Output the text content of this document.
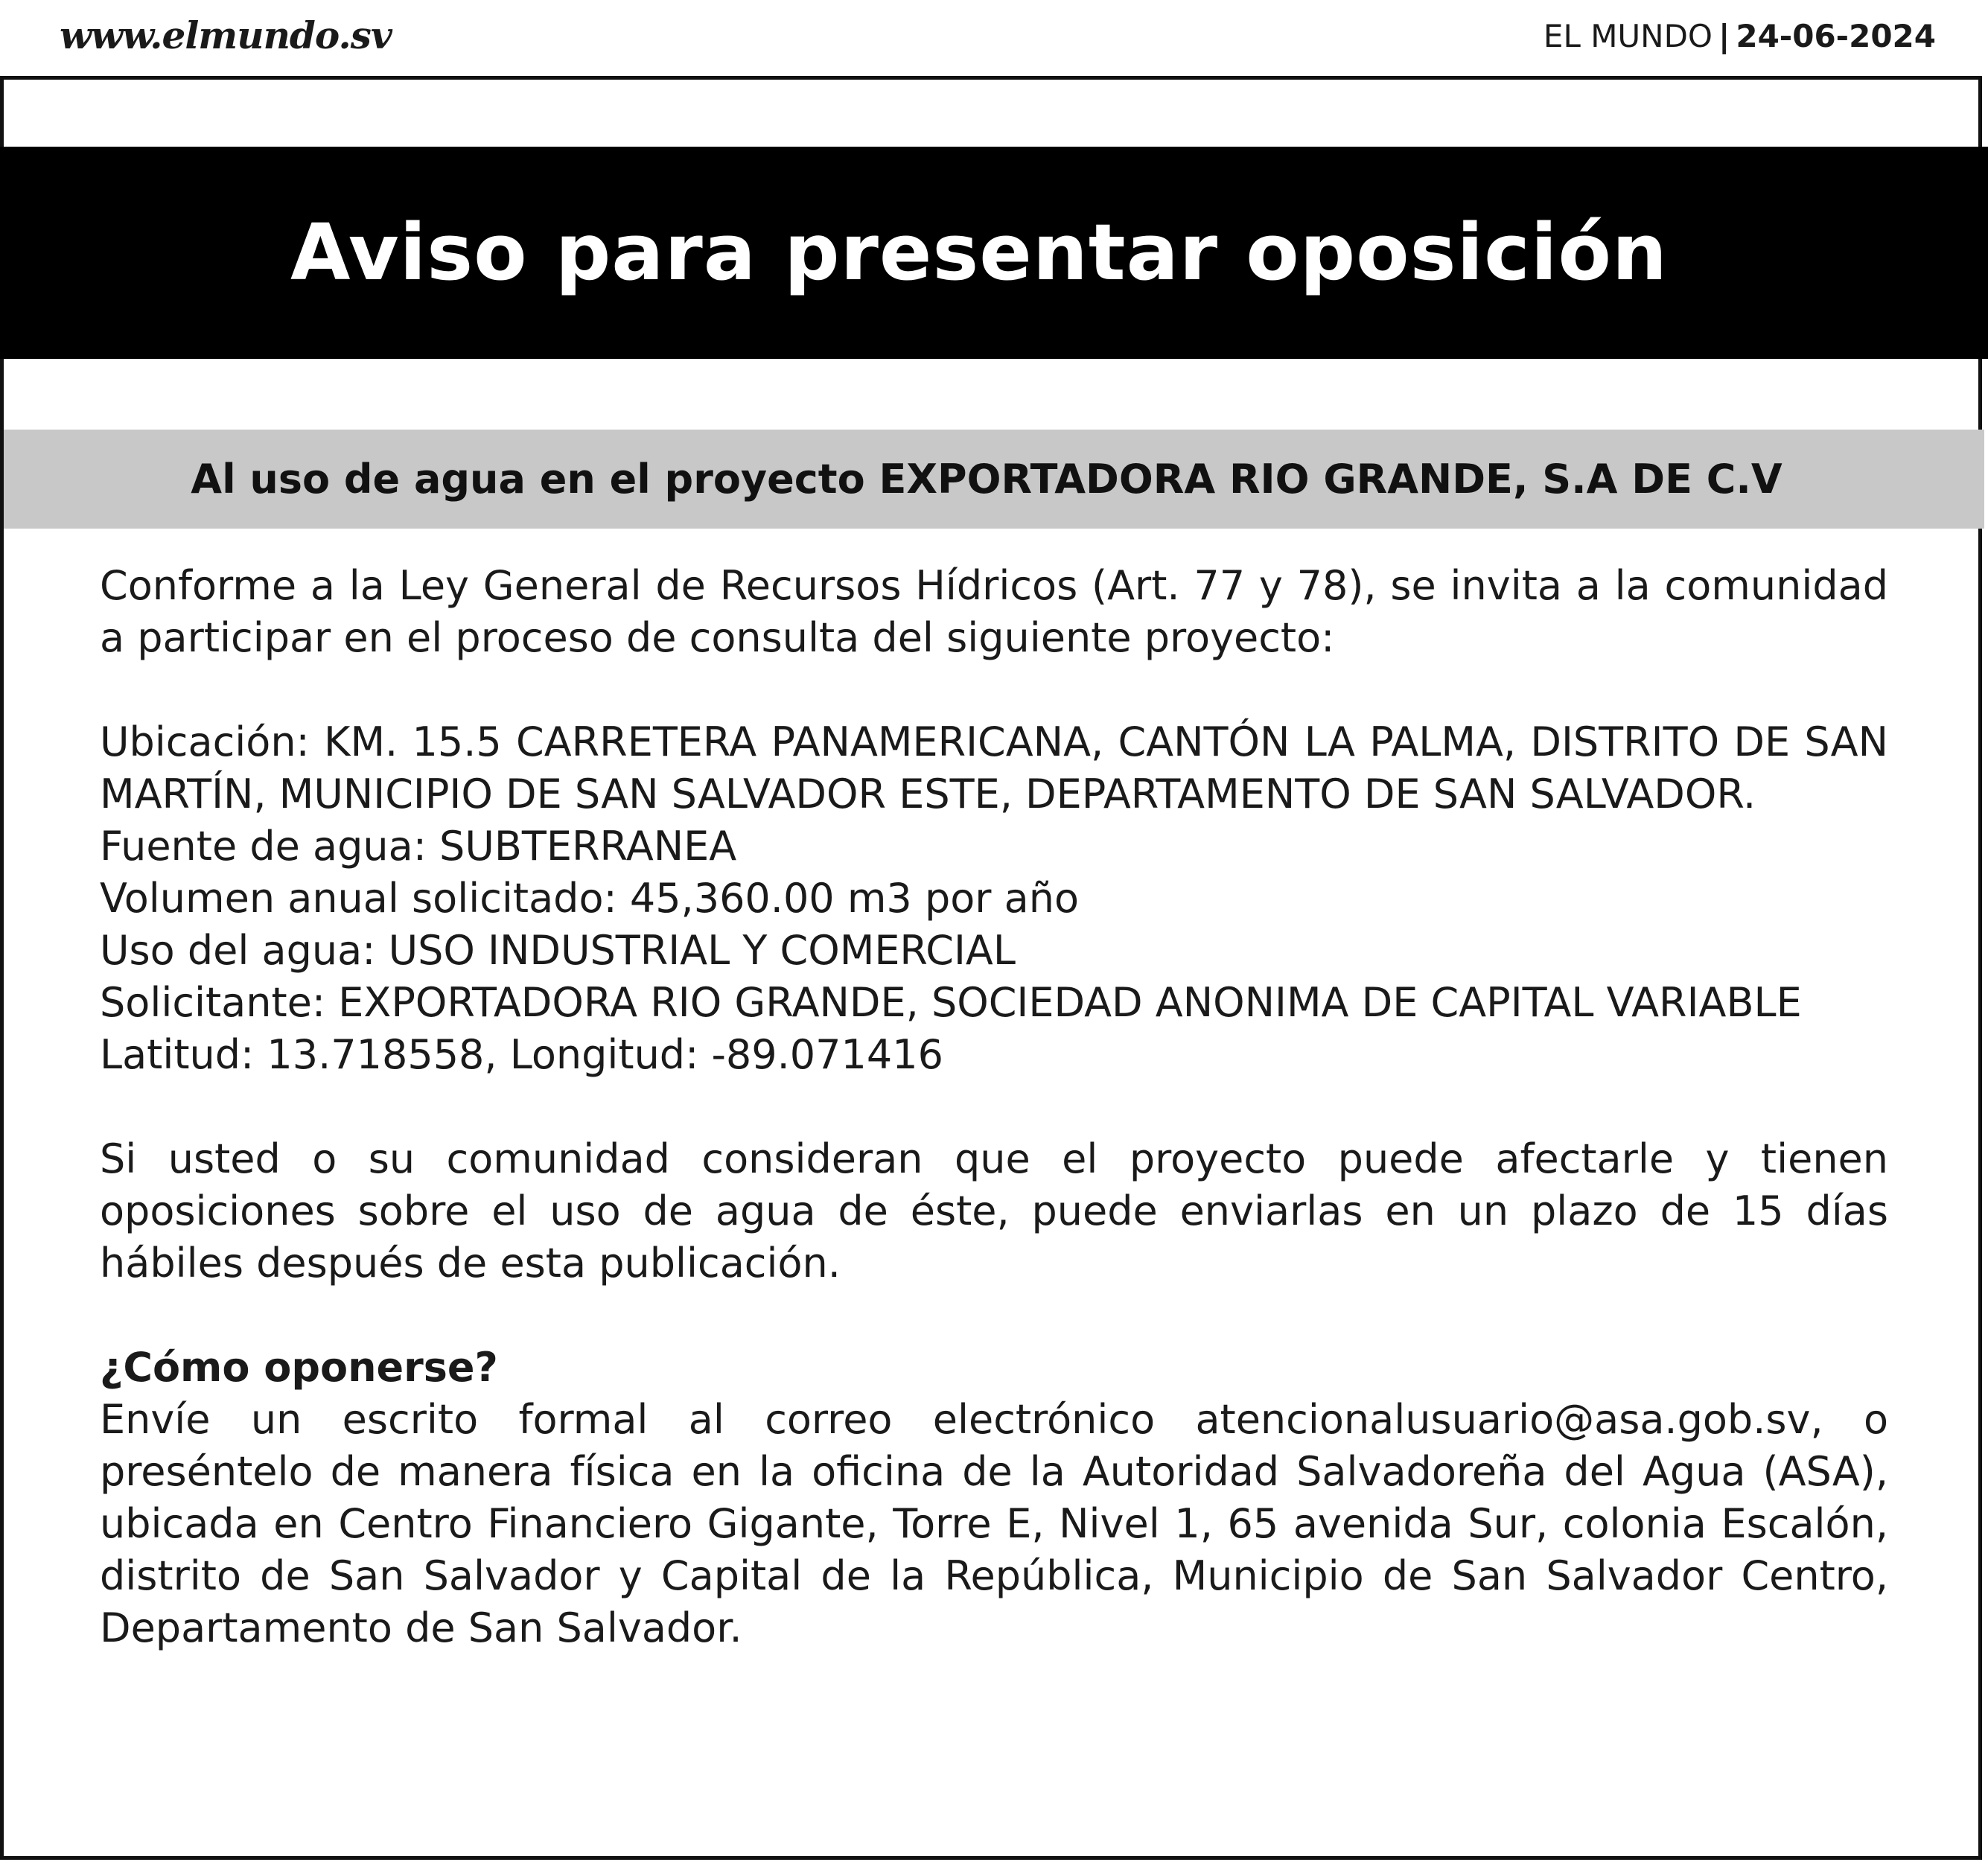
www.elmundo.sv	EL MUNDO | 24-06-2024
Aviso para presentar oposición
Al uso de agua en el proyecto EXPORTADORA RIO GRANDE, S.A DE C.V

Conforme a la Ley General de Recursos Hídricos (Art. 77 y 78), se invita a la comunidad a participar en el proceso de consulta del siguiente proyecto:

Ubicación: KM. 15.5 CARRETERA PANAMERICANA, CANTÓN LA PALMA, DISTRITO DE SAN MARTÍN, MUNICIPIO DE SAN SALVADOR ESTE, DEPARTAMENTO DE SAN SALVADOR.

Fuente de agua: SUBTERRANEA

Volumen anual solicitado: 45,360.00 m3 por año

Uso del agua: USO INDUSTRIAL Y COMERCIAL

Solicitante: EXPORTADORA RIO GRANDE, SOCIEDAD ANONIMA DE CAPITAL VARIABLE

Latitud: 13.718558, Longitud: -89.071416

Si usted o su comunidad consideran que el proyecto puede afectarle y tienen oposiciones sobre el uso de agua de éste, puede enviarlas en un plazo de 15 días hábiles después de esta publicación.

¿Cómo oponerse?

Envíe un escrito formal al correo electrónico atencionalusuario@asa.gob.sv, o preséntelo de manera física en la oficina de la Autoridad Salvadoreña del Agua (ASA), ubicada en Centro Financiero Gigante, Torre E, Nivel 1, 65 avenida Sur, colonia Escalón, distrito de San Salvador y Capital de la República, Municipio de San Salvador Centro, Departamento de San Salvador.
